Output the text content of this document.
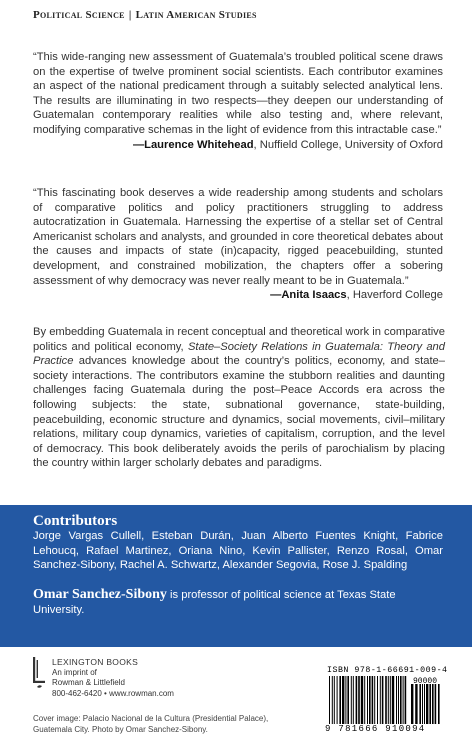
Political Science | Latin American Studies
“This wide-ranging new assessment of Guatemala’s troubled political scene draws on the expertise of twelve prominent social scientists. Each contributor examines an aspect of the national predicament through a suitably selected analytical lens. The results are illuminating in two respects—they deepen our understanding of Guatemalan contemporary realities while also testing and, where relevant, modifying comparative schemas in the light of evidence from this intractable case.”
—Laurence Whitehead, Nuffield College, University of Oxford
“This fascinating book deserves a wide readership among students and scholars of comparative politics and policy practitioners struggling to address autocratization in Guatemala. Harnessing the expertise of a stellar set of Central Americanist scholars and analysts, and grounded in core theoretical debates about the causes and impacts of state (in)capacity, rigged peacebuilding, stunted development, and constrained mobilization, the chapters offer a sobering assessment of why democracy was never really meant to be in Guatemala.”
—Anita Isaacs, Haverford College
By embedding Guatemala in recent conceptual and theoretical work in comparative politics and political economy, State–Society Relations in Guatemala: Theory and Practice advances knowledge about the country’s politics, economy, and state–society interactions. The contributors examine the stubborn realities and daunting challenges facing Guatemala during the post–Peace Accords era across the following subjects: the state, subnational governance, state-building, peacebuilding, economic structure and dynamics, social movements, civil–military relations, military coup dynamics, varieties of capitalism, corruption, and the level of democracy. This book deliberately avoids the perils of parochialism by placing the country within larger scholarly debates and paradigms.
Contributors
Jorge Vargas Cullell, Esteban Durán, Juan Alberto Fuentes Knight, Fabrice Lehoucq, Rafael Martinez, Oriana Nino, Kevin Pallister, Renzo Rosal, Omar Sanchez-Sibony, Rachel A. Schwartz, Alexander Segovia, Rose J. Spalding
Omar Sanchez-Sibony is professor of political science at Texas State University.
LEXINGTON BOOKS
An imprint of
Rowman & Littlefield
800-462-6420 • www.rowman.com
Cover image: Palacio Nacional de la Cultura (Presidential Palace), Guatemala City. Photo by Omar Sanchez-Sibony.
ISBN 978-1-66691-009-4
90000
9 781666 910094
